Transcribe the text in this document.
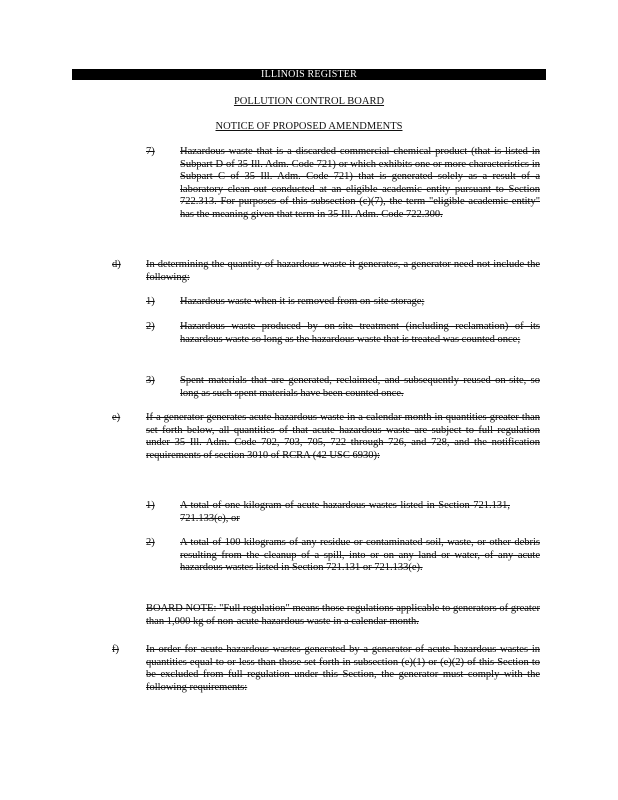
ILLINOIS REGISTER
POLLUTION CONTROL BOARD
NOTICE OF PROPOSED AMENDMENTS
7) Hazardous waste that is a discarded commercial chemical product (that is listed in Subpart D of 35 Ill. Adm. Code 721) or which exhibits one or more characteristics in Subpart C of 35 Ill. Adm. Code 721) that is generated solely as a result of a laboratory clean-out conducted at an eligible academic entity pursuant to Section 722.313. For purposes of this subsection (c)(7), the term "eligible academic entity" has the meaning given that term in 35 Ill. Adm. Code 722.300.
d) In determining the quantity of hazardous waste it generates, a generator need not include the following:
1) Hazardous waste when it is removed from on-site storage;
2) Hazardous waste produced by on-site treatment (including reclamation) of its hazardous waste so long as the hazardous waste that is treated was counted once;
3) Spent materials that are generated, reclaimed, and subsequently reused on-site, so long as such spent materials have been counted once.
e) If a generator generates acute hazardous waste in a calendar month in quantities greater than set forth below, all quantities of that acute hazardous waste are subject to full regulation under 35 Ill. Adm. Code 702, 703, 705, 722 through 726, and 728, and the notification requirements of section 3010 of RCRA (42 USC 6930):
1) A total of one kilogram of acute hazardous wastes listed in Section 721.131, 721.133(e), or
2) A total of 100 kilograms of any residue or contaminated soil, waste, or other debris resulting from the cleanup of a spill, into or on any land or water, of any acute hazardous wastes listed in Section 721.131 or 721.133(e).
BOARD NOTE: "Full regulation" means those regulations applicable to generators of greater than 1,000 kg of non-acute hazardous waste in a calendar month.
f)	In order for acute hazardous wastes generated by a generator of acute hazardous wastes in quantities equal to or less than those set forth in subsection (e)(1) or (e)(2) of this Section to be excluded from full regulation under this Section, the generator must comply with the following requirements:
